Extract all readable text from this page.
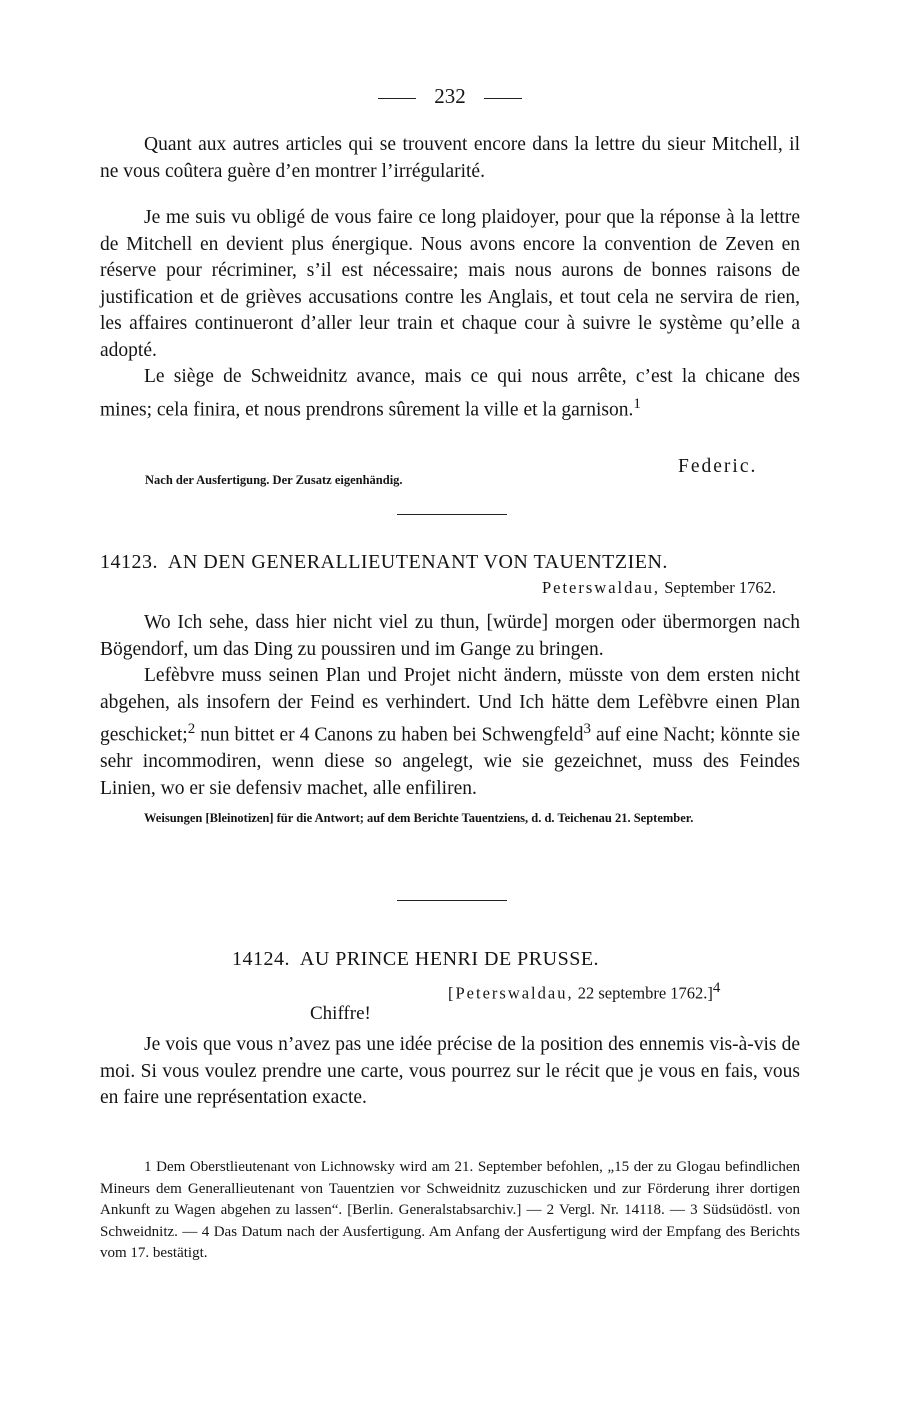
232

Quant aux autres articles qui se trouvent encore dans la lettre du sieur Mitchell, il ne vous coûtera guère d’en montrer l’irrégularité.

Je me suis vu obligé de vous faire ce long plaidoyer, pour que la réponse à la lettre de Mitchell en devient plus énergique. Nous avons encore la convention de Zeven en réserve pour récriminer, s’il est nécessaire; mais nous aurons de bonnes raisons de justification et de grièves accusations contre les Anglais, et tout cela ne servira de rien, les affaires continueront d’aller leur train et chaque cour à suivre le système qu’elle a adopté.

Le siège de Schweidnitz avance, mais ce qui nous arrête, c’est la chicane des mines; cela finira, et nous prendrons sûrement la ville et la garnison.$^1$

Nach der Ausfertigung. Der Zusatz eigenhändig.
Federic.
14123. AN DEN GENERALLIEUTENANT VON TAUENTZIEN.
Peterswaldau, September 1762.

Wo Ich sehe, dass hier nicht viel zu thun, [würde] morgen oder übermorgen nach Bögendorf, um das Ding zu poussiren und im Gange zu bringen.

Lefèbvre muss seinen Plan und Projet nicht ändern, müsste von dem ersten nicht abgehen, als insofern der Feind es verhindert. Und Ich hätte dem Lefèbvre einen Plan geschicket;$^2$ nun bittet er 4 Canons zu haben bei Schwengfeld$^3$ auf eine Nacht; könnte sie sehr incommodiren, wenn diese so angelegt, wie sie gezeichnet, muss des Feindes Linien, wo er sie defensiv machet, alle enfiliren.

Weisungen [Bleinotizen] für die Antwort; auf dem Berichte Tauentziens, d. d. Teichenau 21. September.

14124. AU PRINCE HENRI DE PRUSSE.
[Peterswaldau, 22 septembre 1762.]$^4$
Chiffre!

Je vois que vous n’avez pas une idée précise de la position des ennemis vis-à-vis de moi. Si vous voulez prendre une carte, vous pourrez sur le récit que je vous en fais, vous en faire une représentation exacte.

1 Dem Oberstlieutenant von Lichnowsky wird am 21. September befohlen, „15 der zu Glogau befindlichen Mineurs dem Generallieutenant von Tauentzien vor Schweidnitz zuzuschicken und zur Förderung ihrer dortigen Ankunft zu Wagen abgehen zu lassen“. [Berlin. Generalstabsarchiv.] — 2 Vergl. Nr. 14118. — 3 Südsüdöstl. von Schweidnitz. — 4 Das Datum nach der Ausfertigung. Am Anfang der Ausfertigung wird der Empfang des Berichts vom 17. bestätigt.
